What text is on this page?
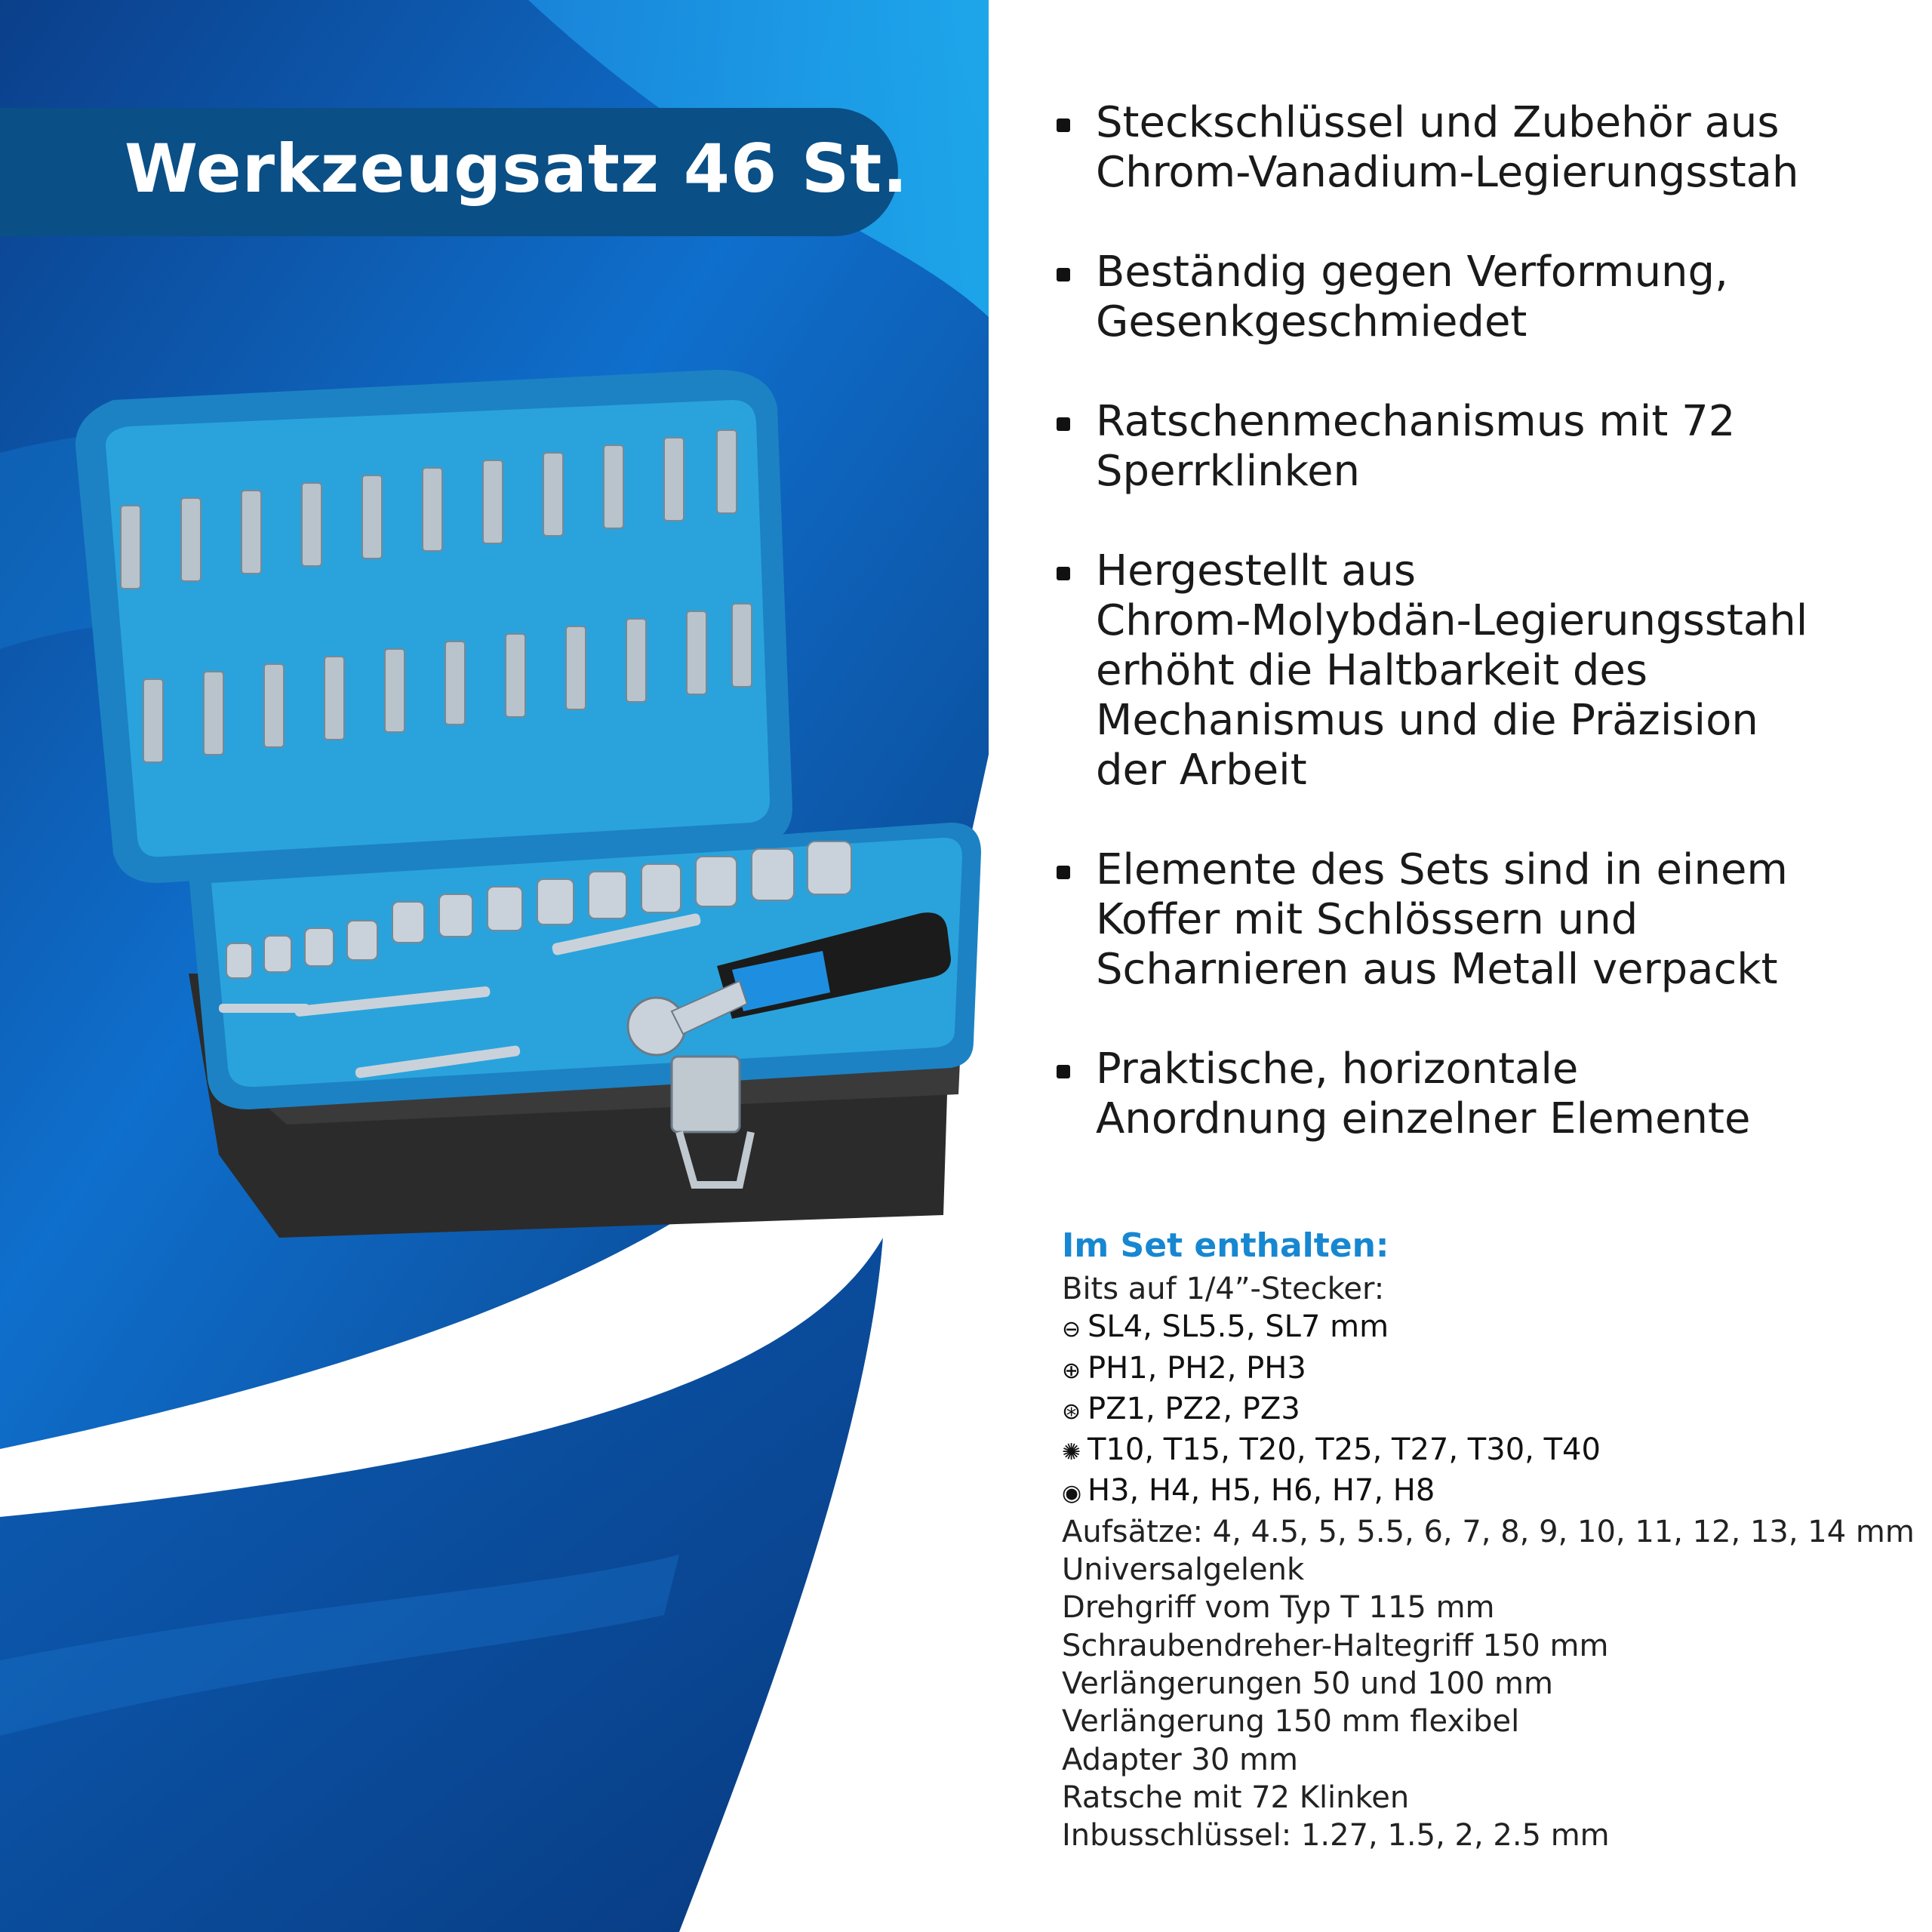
Werkzeugsatz 46 St.
Steckschlüssel und Zubehör aus
Chrom-Vanadium-Legierungsstah
Beständig gegen Verformung,
Gesenkgeschmiedet
Ratschenmechanismus mit 72
Sperrklinken
Hergestellt aus
Chrom-Molybdän-Legierungsstahl
erhöht die Haltbarkeit des
Mechanismus und die Präzision
der Arbeit
Elemente des Sets sind in einem
Koffer mit Schlössern und
Scharnieren aus Metall verpackt
Praktische, horizontale
Anordnung einzelner Elemente
Im Set enthalten:
Bits auf 1/4”-Stecker:
⊖ SL4, SL5.5, SL7 mm
⊕ PH1, PH2, PH3
⊛ PZ1, PZ2, PZ3
✺ T10, T15, T20, T25, T27, T30, T40
◉ H3, H4, H5, H6, H7, H8
Aufsätze: 4, 4.5, 5, 5.5, 6, 7, 8, 9, 10, 11, 12, 13, 14 mm
Universalgelenk
Drehgriff vom Typ T 115 mm
Schraubendreher-Haltegriff 150 mm
Verlängerungen 50 und 100 mm
Verlängerung 150 mm flexibel
Adapter 30 mm
Ratsche mit 72 Klinken
Inbusschlüssel: 1.27, 1.5, 2, 2.5 mm
